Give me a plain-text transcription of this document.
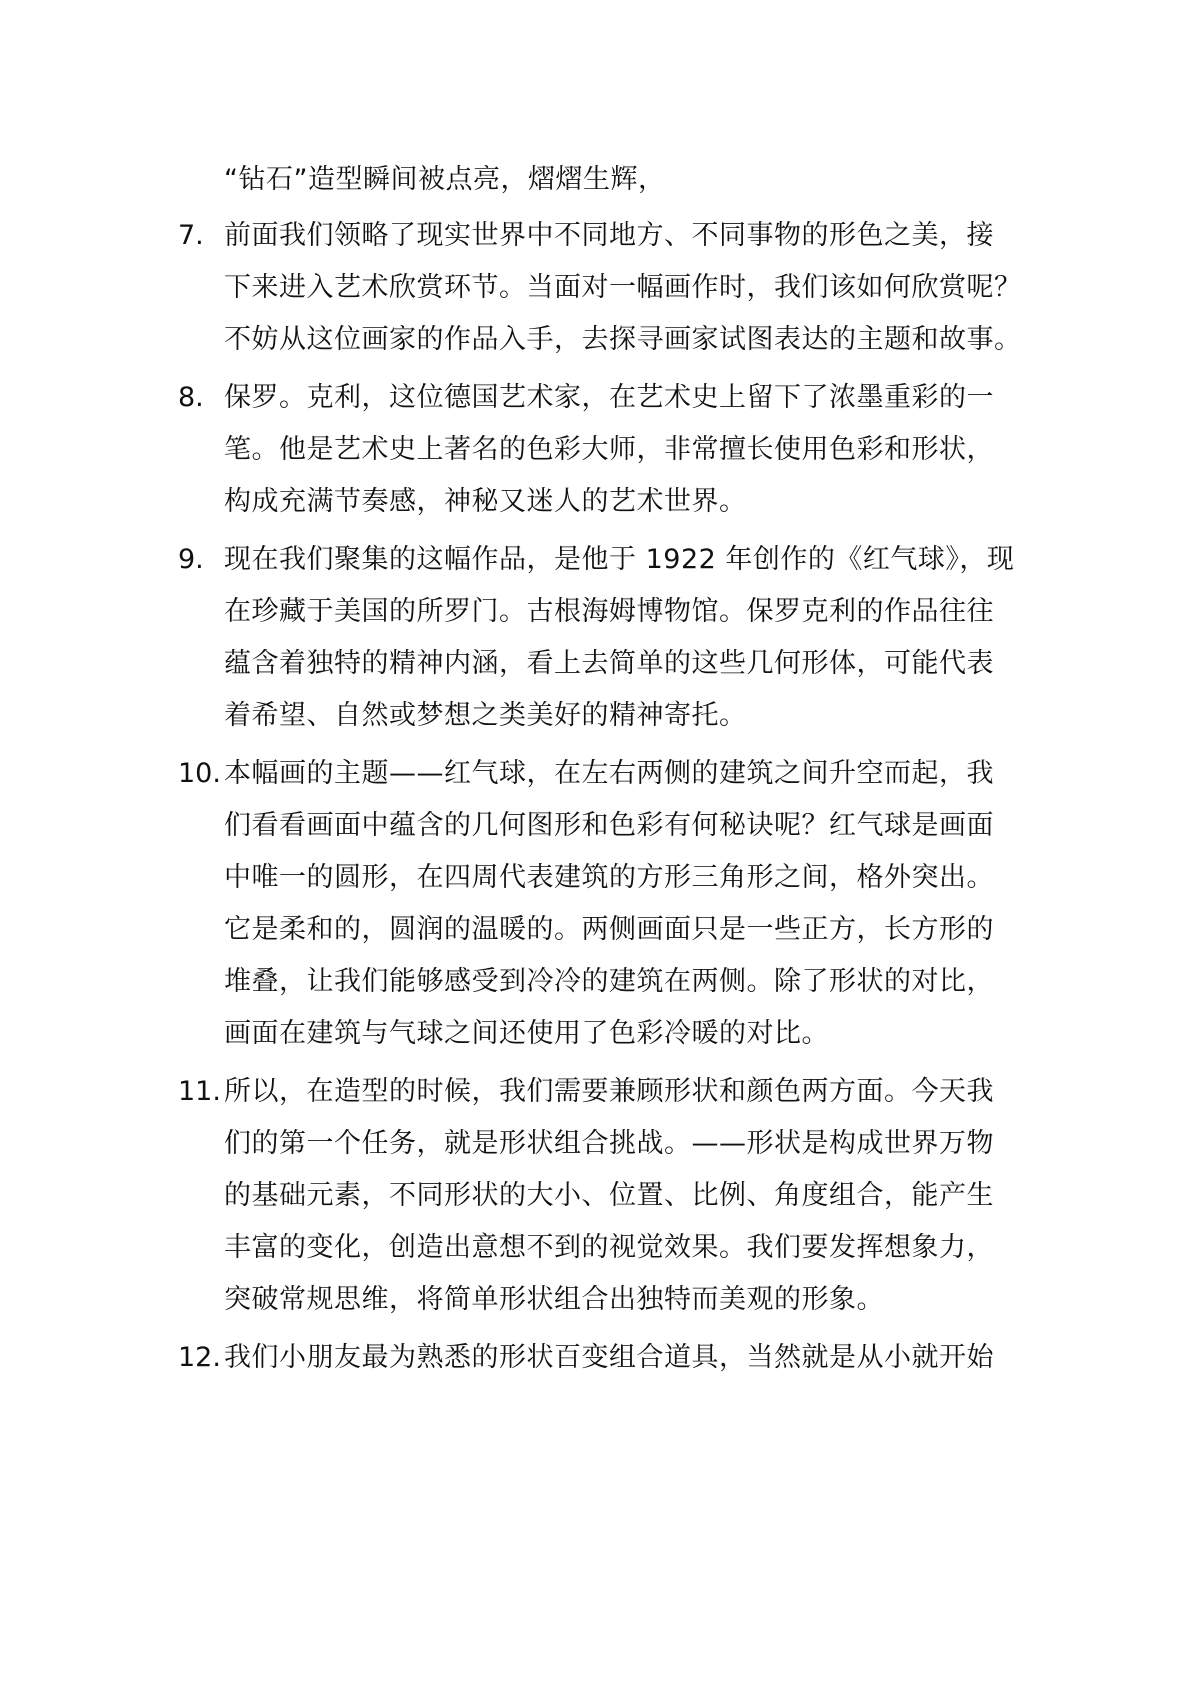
“钻石”造型瞬间被点亮，熠熠生辉，
7. 前面我们领略了现实世界中不同地方、不同事物的形色之美，接
下来进入艺术欣赏环节。当面对一幅画作时，我们该如何欣赏呢？
不妨从这位画家的作品入手，去探寻画家试图表达的主题和故事。
8. 保罗。克利，这位德国艺术家，在艺术史上留下了浓墨重彩的一
笔。他是艺术史上著名的色彩大师，非常擅长使用色彩和形状，
构成充满节奏感，神秘又迷人的艺术世界。
9. 现在我们聚集的这幅作品，是他于 1922 年创作的《红气球》，现
在珍藏于美国的所罗门。古根海姆博物馆。保罗克利的作品往往
蕴含着独特的精神内涵，看上去简单的这些几何形体，可能代表
着希望、自然或梦想之类美好的精神寄托。
10. 本幅画的主题——红气球，在左右两侧的建筑之间升空而起，我
们看看画面中蕴含的几何图形和色彩有何秘诀呢？红气球是画面
中唯一的圆形，在四周代表建筑的方形三角形之间，格外突出。
它是柔和的，圆润的温暖的。两侧画面只是一些正方，长方形的
堆叠，让我们能够感受到冷冷的建筑在两侧。除了形状的对比，
画面在建筑与气球之间还使用了色彩冷暖的对比。
11. 所以，在造型的时候，我们需要兼顾形状和颜色两方面。今天我
们的第一个任务，就是形状组合挑战。——形状是构成世界万物
的基础元素，不同形状的大小、位置、比例、角度组合，能产生
丰富的变化，创造出意想不到的视觉效果。我们要发挥想象力，
突破常规思维，将简单形状组合出独特而美观的形象。
12. 我们小朋友最为熟悉的形状百变组合道具，当然就是从小就开始
